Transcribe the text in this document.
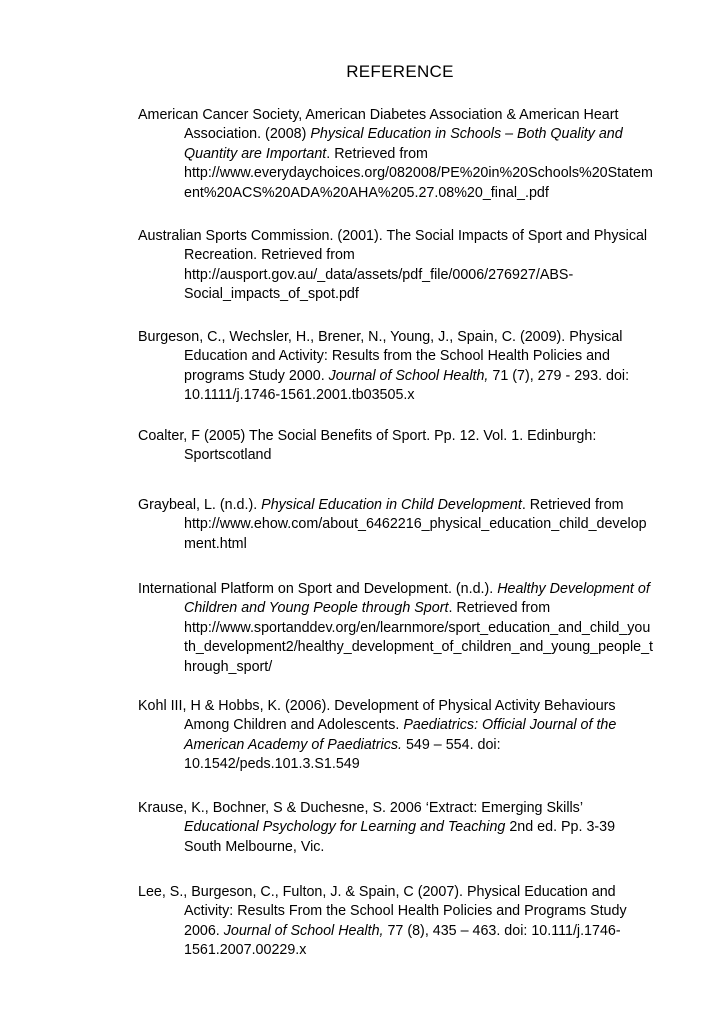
REFERENCE
American Cancer Society, American Diabetes Association & American Heart
Association. (2008) Physical Education in Schools – Both Quality and
Quantity are Important. Retrieved from
http://www.everydaychoices.org/082008/PE%20in%20Schools%20Statem
ent%20ACS%20ADA%20AHA%205.27.08%20_final_.pdf
Australian Sports Commission. (2001). The Social Impacts of Sport and Physical
Recreation. Retrieved from
http://ausport.gov.au/_data/assets/pdf_file/0006/276927/ABS-
Social_impacts_of_spot.pdf
Burgeson, C., Wechsler, H., Brener, N., Young, J., Spain, C. (2009). Physical
Education and Activity: Results from the School Health Policies and
programs Study 2000. Journal of School Health, 71 (7), 279 - 293. doi:
10.1111/j.1746-1561.2001.tb03505.x
Coalter, F (2005) The Social Benefits of Sport. Pp. 12. Vol. 1. Edinburgh:
Sportscotland
Graybeal, L. (n.d.). Physical Education in Child Development. Retrieved from
http://www.ehow.com/about_6462216_physical_education_child_develop
ment.html
International Platform on Sport and Development. (n.d.). Healthy Development of
Children and Young People through Sport. Retrieved from
http://www.sportanddev.org/en/learnmore/sport_education_and_child_you
th_development2/healthy_development_of_children_and_young_people_t
hrough_sport/
Kohl III, H & Hobbs, K. (2006). Development of Physical Activity Behaviours
Among Children and Adolescents. Paediatrics: Official Journal of the
American Academy of Paediatrics. 549 – 554. doi:
10.1542/peds.101.3.S1.549
Krause, K., Bochner, S & Duchesne, S. 2006 ‘Extract: Emerging Skills’
Educational Psychology for Learning and Teaching 2nd ed. Pp. 3-39
South Melbourne, Vic.
Lee, S., Burgeson, C., Fulton, J. & Spain, C (2007). Physical Education and
Activity: Results From the School Health Policies and Programs Study
2006. Journal of School Health, 77 (8), 435 – 463. doi: 10.111/j.1746-
1561.2007.00229.x
